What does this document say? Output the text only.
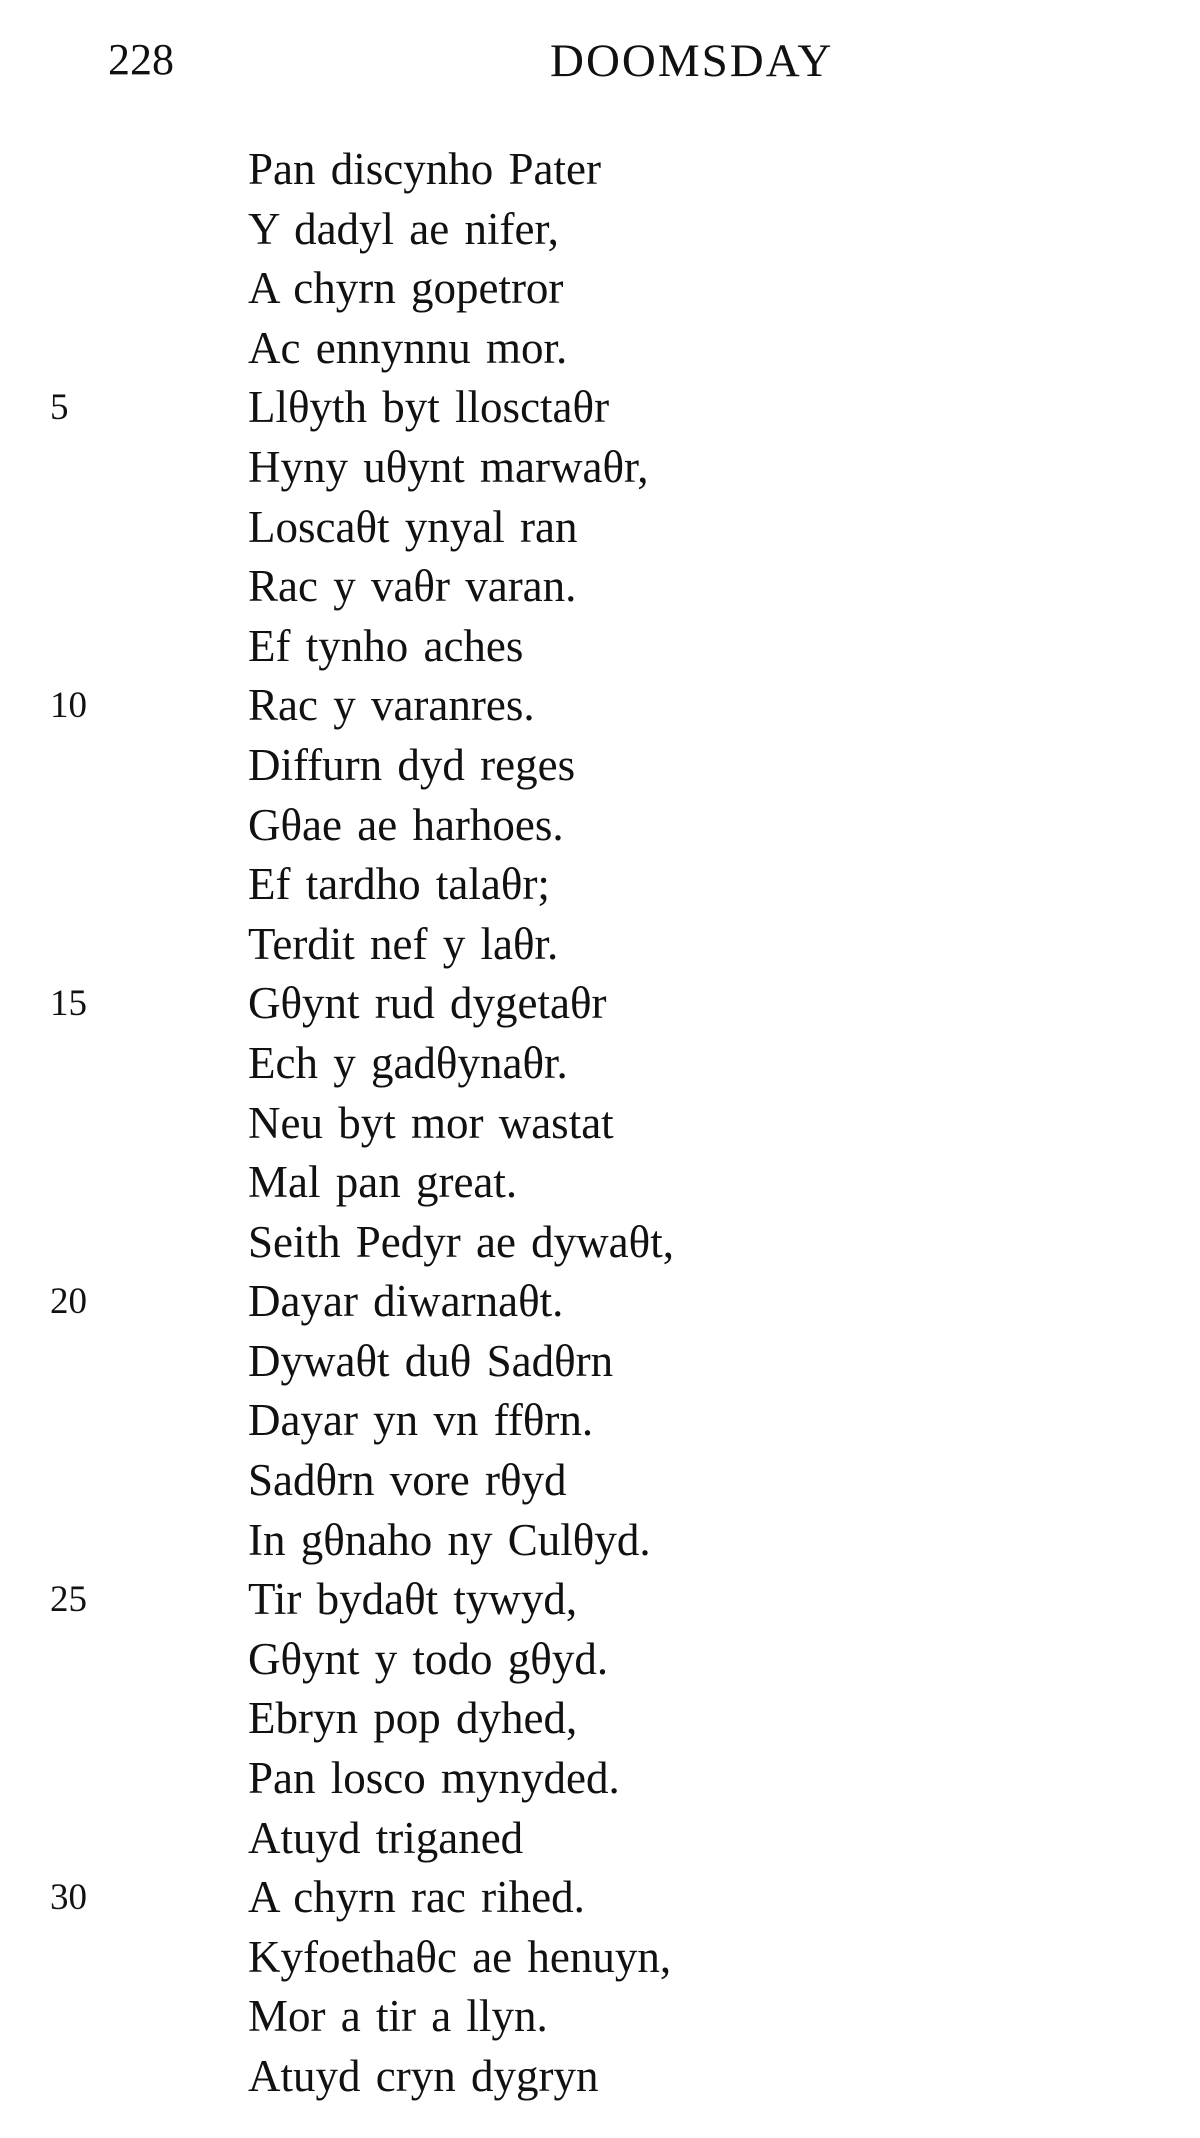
228	DOOMSDAY
Pan discynho Pater
Y dadyl ae nifer,
A chyrn gopetror
Ac ennynnu mor.
5	Llθyth byt llosctaθr
Hyny uθynt marwaθr,
Loscaθt ynyal ran
Rac y vaθr varan.
Ef tynho aches
10	Rac y varanres.
Diffurn dyd reges
Gθae ae harhoes.
Ef tardho talaθr;
Terdit nef y laθr.
15	Gθynt rud dygetaθr
Ech y gadθynaθr.
Neu byt mor wastat
Mal pan great.
Seith Pedyr ae dywaθt,
20	Dayar diwarnaθt.
Dywaθt duθ Sadθrn
Dayar yn vn ffθrn.
Sadθrn vore rθyd
In gθnaho ny Culθyd.
25	Tir bydaθt tywyd,
Gθynt y todo gθyd.
Ebryn pop dyhed,
Pan losco mynyded.
Atuyd triganed
30	A chyrn rac rihed.
Kyfoethaθc ae henuyn,
Mor a tir a llyn.
Atuyd cryn dygryn
